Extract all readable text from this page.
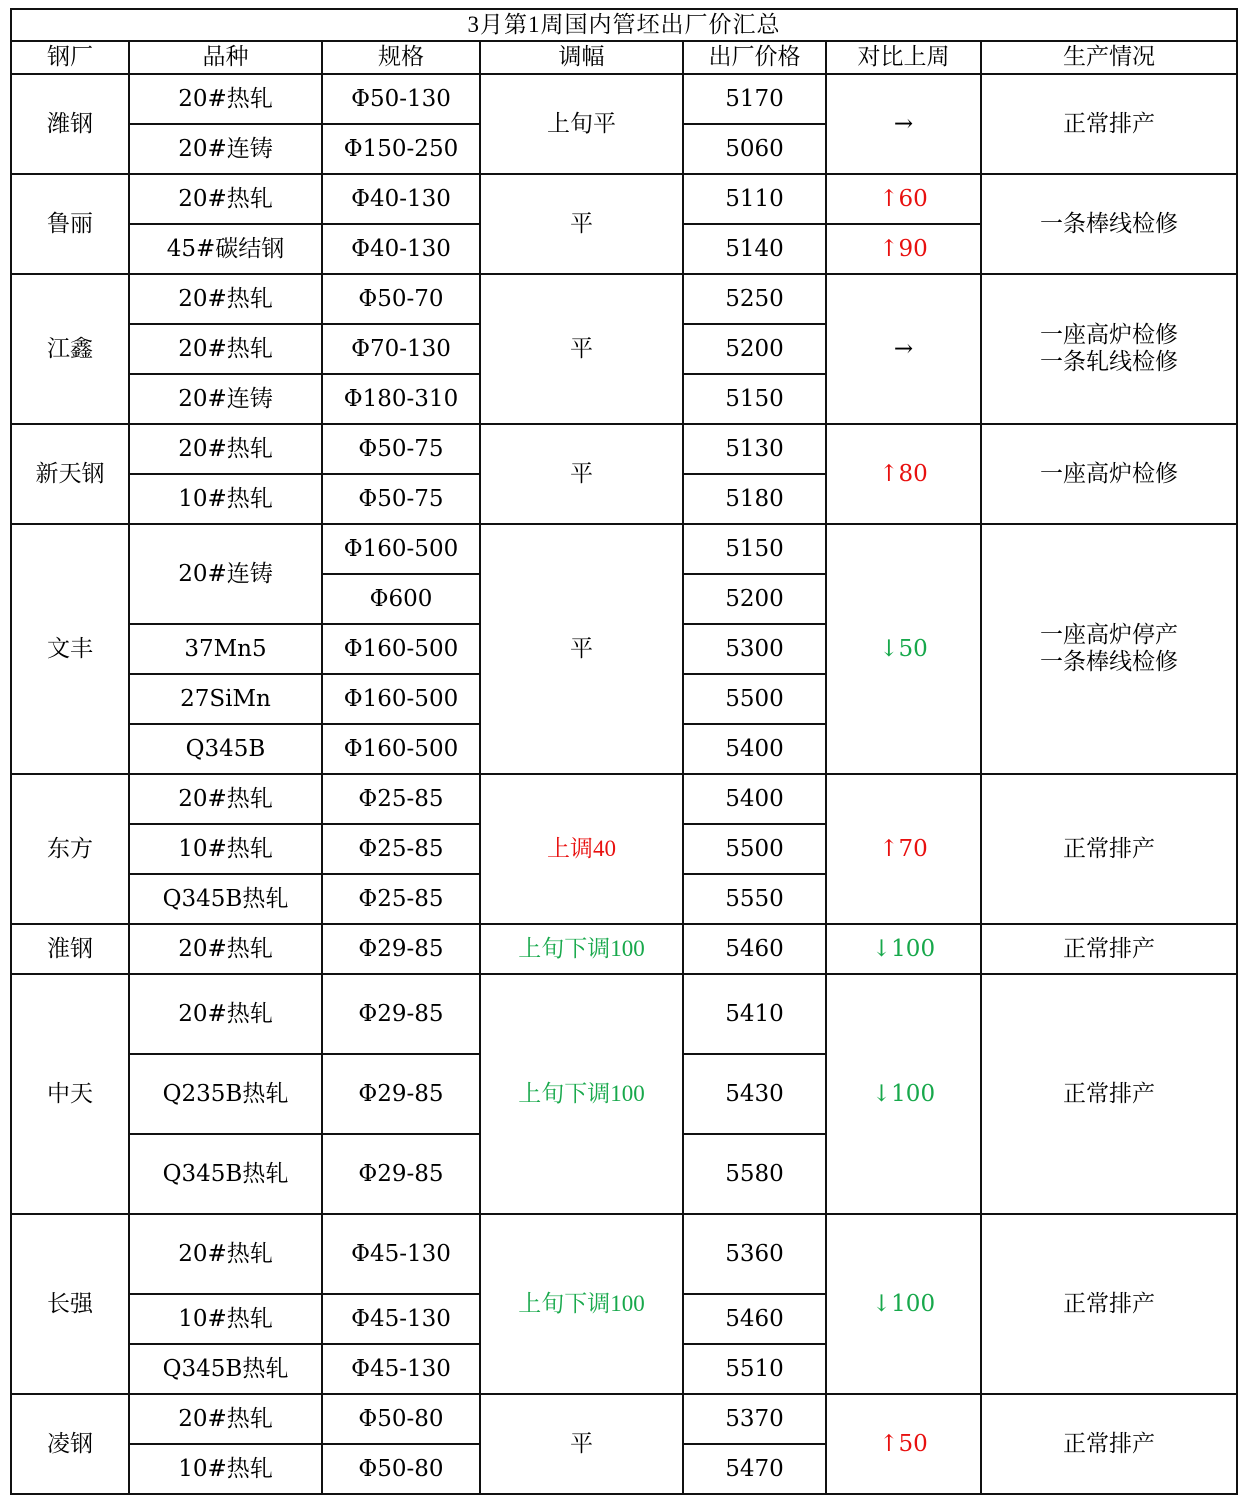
3月第1周国内管坯出厂价汇总						
钢厂	品种	规格	调幅	出厂价格	对比上周	生产情况
潍钢	20#热轧	Φ50-130	上旬平	5170	→	正常排产

	20#连铸	Φ150-250		5060		
鲁丽	20#热轧	Φ40-130	平	5110	↑60	一条棒线检修

	45#碳结钢	Φ40-130		5140	↑90	
江鑫	20#热轧	Φ50-70	平	5250	→	一座高炉检修
一条轧线检修

	20#热轧	Φ70-130		5200		
	20#连铸	Φ180-310		5150		
新天钢	20#热轧	Φ50-75	平	5130	↑80	一座高炉检修

	10#热轧	Φ50-75		5180		
文丰	20#连铸	Φ160-500	平	5150	↓50	一座高炉停产
一条棒线检修

		Φ600		5200		
	37Mn5	Φ160-500		5300		
	27SiMn	Φ160-500		5500		
	Q345B	Φ160-500		5400		
东方	20#热轧	Φ25-85	上调40	5400	↑70	正常排产

	10#热轧	Φ25-85		5500		
	Q345B热轧	Φ25-85		5550		
淮钢	20#热轧	Φ29-85	上旬下调100	5460	↓100	正常排产

中天	20#热轧	Φ29-85	上旬下调100	5410	↓100	正常排产

	Q235B热轧	Φ29-85		5430		
	Q345B热轧	Φ29-85		5580		
长强	20#热轧	Φ45-130	上旬下调100	5360	↓100	正常排产

	10#热轧	Φ45-130		5460		
	Q345B热轧	Φ45-130		5510		
凌钢	20#热轧	Φ50-80	平	5370	↑50	正常排产

	10#热轧	Φ50-80		5470		
